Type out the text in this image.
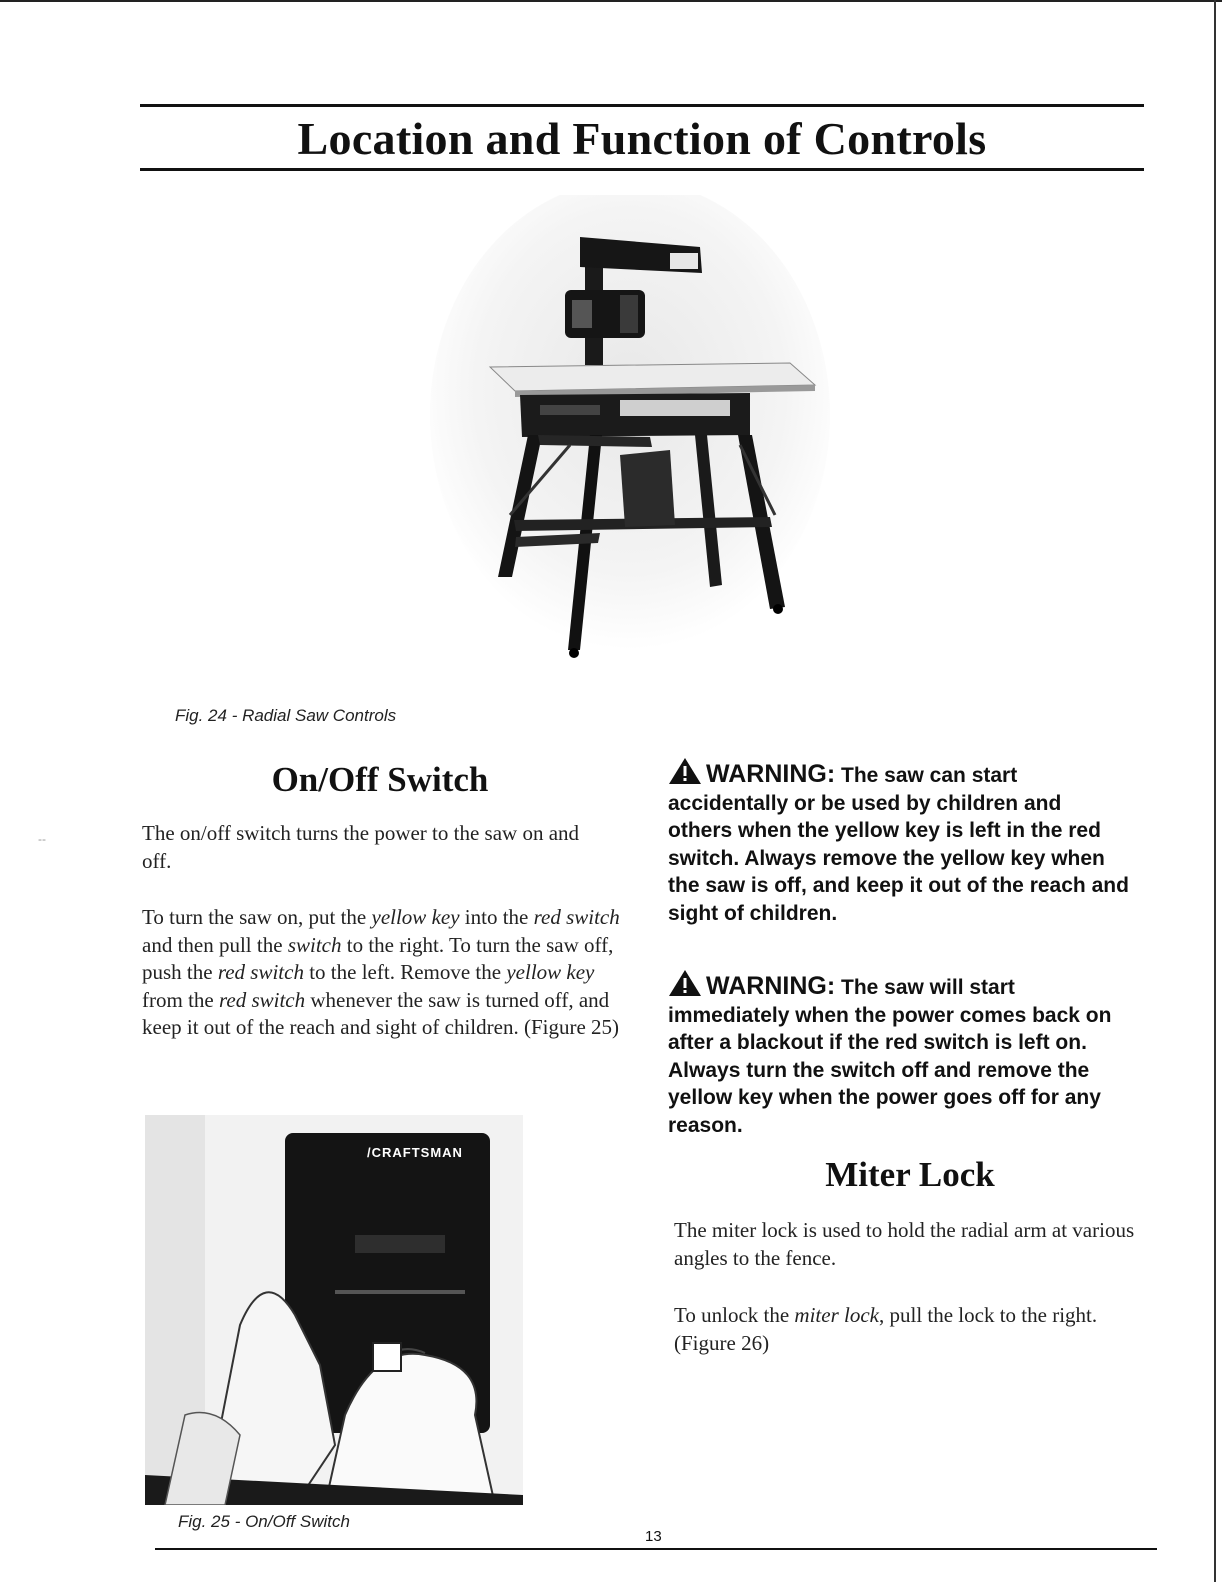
Location and Function of Controls
Fig. 24 - Radial Saw Controls
--
On/Off Switch
The on/off switch turns the power to the saw on and off.
To turn the saw on, put the yellow key into the red switch and then pull the switch to the right. To turn the saw off, push the red switch to the left. Remove the yellow key from the red switch whenever the saw is turned off, and keep it out of the reach and sight of children. (Figure 25)
/CRAFTSMAN
Fig. 25 - On/Off Switch
WARNING: The saw can start accidentally or be used by children and others when the yellow key is left in the red switch. Always remove the yellow key when the saw is off, and keep it out of the reach and sight of children.
WARNING: The saw will start immediately when the power comes back on after a blackout if the red switch is left on. Always turn the switch off and remove the yellow key when the power goes off for any reason.
Miter Lock
The miter lock is used to hold the radial arm at various angles to the fence.
To unlock the miter lock, pull the lock to the right. (Figure 26)
13
